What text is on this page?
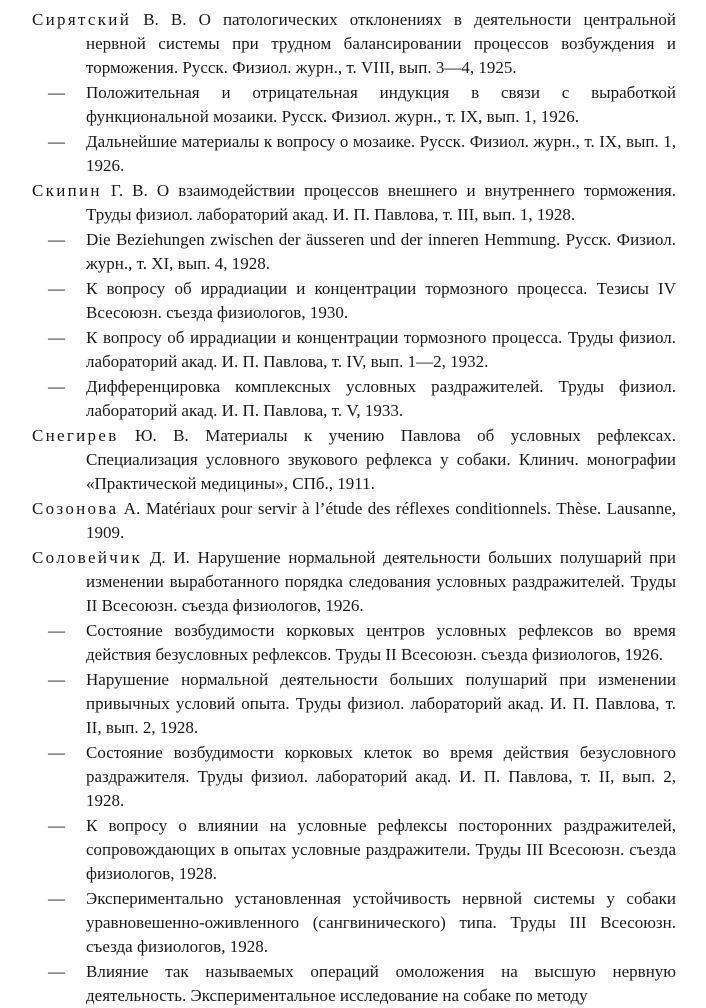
Сирятский В. В. О патологических отклонениях в деятельности центральной нервной системы при трудном балансировании процессов возбуждения и торможения. Русск. Физиол. журн., т. VIII, вып. 3—4, 1925.

— Положительная и отрицательная индукция в связи с выработкой функциональной мозаики. Русск. Физиол. журн., т. IX, вып. 1, 1926.

— Дальнейшие материалы к вопросу о мозаике. Русск. Физиол. журн., т. IX, вып. 1, 1926.

Скипин Г. В. О взаимодействии процессов внешнего и внутреннего торможения. Труды физиол. лабораторий акад. И. П. Павлова, т. III, вып. 1, 1928.

— Die Beziehungen zwischen der äusseren und der inneren Hemmung. Русск. Физиол. журн., т. XI, вып. 4, 1928.

— К вопросу об иррадиации и концентрации тормозного процесса. Тезисы IV Всесоюзн. съезда физиологов, 1930.

— К вопросу об иррадиации и концентрации тормозного процесса. Труды физиол. лабораторий акад. И. П. Павлова, т. IV, вып. 1—2, 1932.

— Дифференцировка комплексных условных раздражителей. Труды физиол. лабораторий акад. И. П. Павлова, т. V, 1933.

Снегирев Ю. В. Материалы к учению Павлова об условных рефлексах. Специализация условного звукового рефлекса у собаки. Клинич. монографии «Практической медицины», СПб., 1911.

Созонова А. Matériaux pour servir à l’étude des réflexes conditionnels. Thèse. Lausanne, 1909.

Соловейчик Д. И. Нарушение нормальной деятельности больших полушарий при изменении выработанного порядка следования условных раздражителей. Труды II Всесоюзн. съезда физиологов, 1926.

— Состояние возбудимости корковых центров условных рефлексов во время действия безусловных рефлексов. Труды II Всесоюзн. съезда физиологов, 1926.

— Нарушение нормальной деятельности больших полушарий при изменении привычных условий опыта. Труды физиол. лабораторий акад. И. П. Павлова, т. II, вып. 2, 1928.

— Состояние возбудимости корковых клеток во время действия безусловного раздражителя. Труды физиол. лабораторий акад. И. П. Павлова, т. II, вып. 2, 1928.

— К вопросу о влиянии на условные рефлексы посторонних раздражителей, сопровождающих в опытах условные раздражители. Труды III Всесоюзн. съезда физиологов, 1928.

— Экспериментально установленная устойчивость нервной системы у собаки уравновешенно-оживленного (сангвинического) типа. Труды III Всесоюзн. съезда физиологов, 1928.

— Влияние так называемых операций омоложения на высшую нервную деятельность. Экспериментальное исследование на собаке по методу
